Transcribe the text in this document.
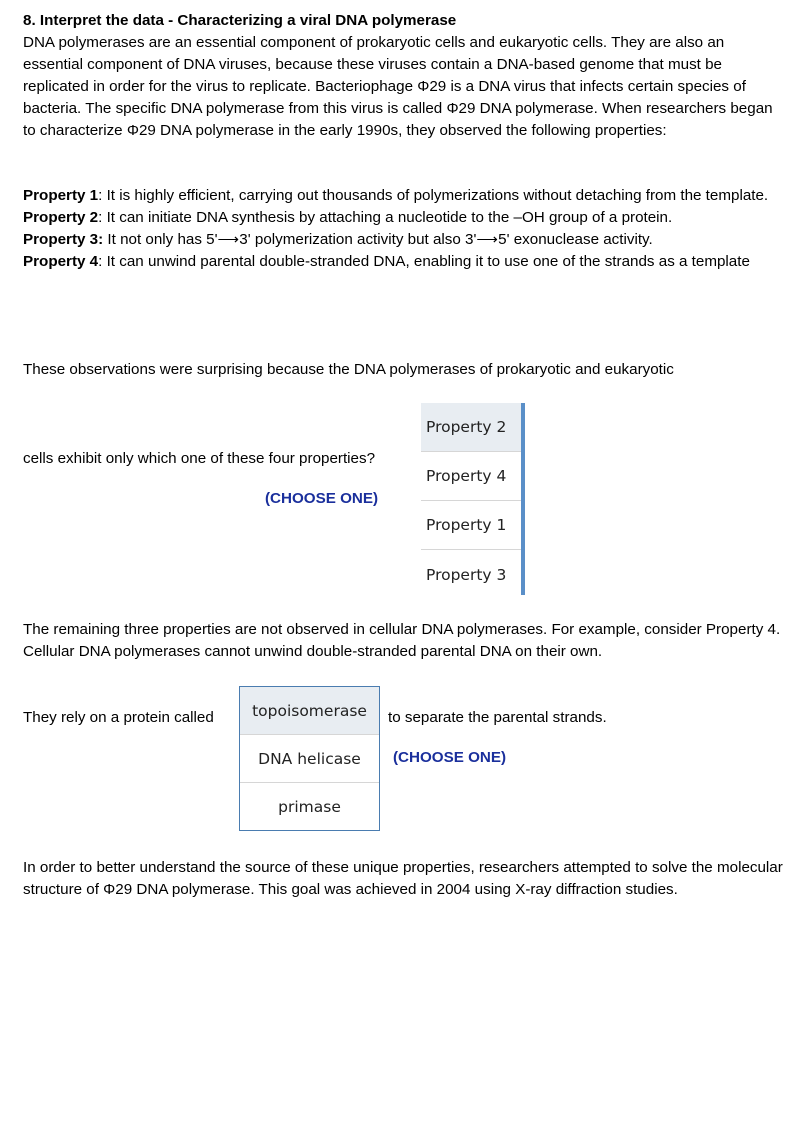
8. Interpret the data - Characterizing a viral DNA polymerase

DNA polymerases are an essential component of prokaryotic cells and eukaryotic cells. They are also an essential component of DNA viruses, because these viruses contain a DNA-based genome that must be replicated in order for the virus to replicate. Bacteriophage Φ29 is a DNA virus that infects certain species of bacteria. The specific DNA polymerase from this virus is called Φ29 DNA polymerase. When researchers began to characterize Φ29 DNA polymerase in the early 1990s, they observed the following properties:

Property 1: It is highly efficient, carrying out thousands of polymerizations without detaching from the template.
Property 2: It can initiate DNA synthesis by attaching a nucleotide to the –OH group of a protein.
Property 3: It not only has 5'⟶3' polymerization activity but also 3'⟶5' exonuclease activity.
Property 4: It can unwind parental double-stranded DNA, enabling it to use one of the strands as a template

These observations were surprising because the DNA polymerases of prokaryotic and eukaryotic

cells exhibit only which one of these four properties?
(CHOOSE ONE)
Property 2
Property 4
Property 1
Property 3

The remaining three properties are not observed in cellular DNA polymerases. For example, consider Property 4. Cellular DNA polymerases cannot unwind double-stranded parental DNA on their own.

They rely on a protein called	topoisomerase
DNA helicase
primase
to separate the parental strands.
(CHOOSE ONE)

In order to better understand the source of these unique properties, researchers attempted to solve the molecular structure of Φ29 DNA polymerase. This goal was achieved in 2004 using X-ray diffraction studies.
